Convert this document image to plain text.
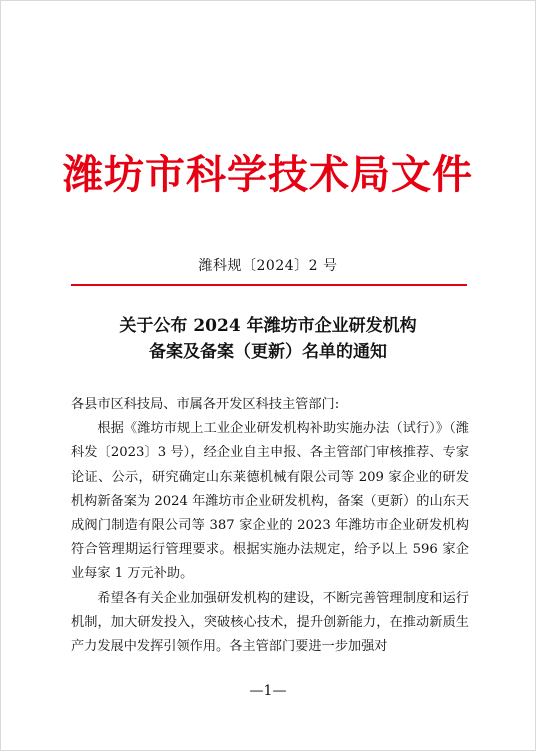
潍坊市科学技术局文件
潍科规〔2024〕2 号
关于公布 2024 年潍坊市企业研发机构
备案及备案（更新）名单的通知
各县市区科技局、市属各开发区科技主管部门:

根据《潍坊市规上工业企业研发机构补助实施办法（试行）》（潍科发〔2023〕3 号），经企业自主申报、各主管部门审核推荐、专家论证、公示，研究确定山东莱德机械有限公司等 209 家企业的研发机构新备案为 2024 年潍坊市企业研发机构，备案（更新）的山东天成阀门制造有限公司等 387 家企业的 2023 年潍坊市企业研发机构符合管理期运行管理要求。根据实施办法规定，给予以上 596 家企业每家 1 万元补助。

希望各有关企业加强研发机构的建设，不断完善管理制度和运行机制，加大研发投入，突破核心技术，提升创新能力，在推动新质生产力发展中发挥引领作用。各主管部门要进一步加强对

—1—
